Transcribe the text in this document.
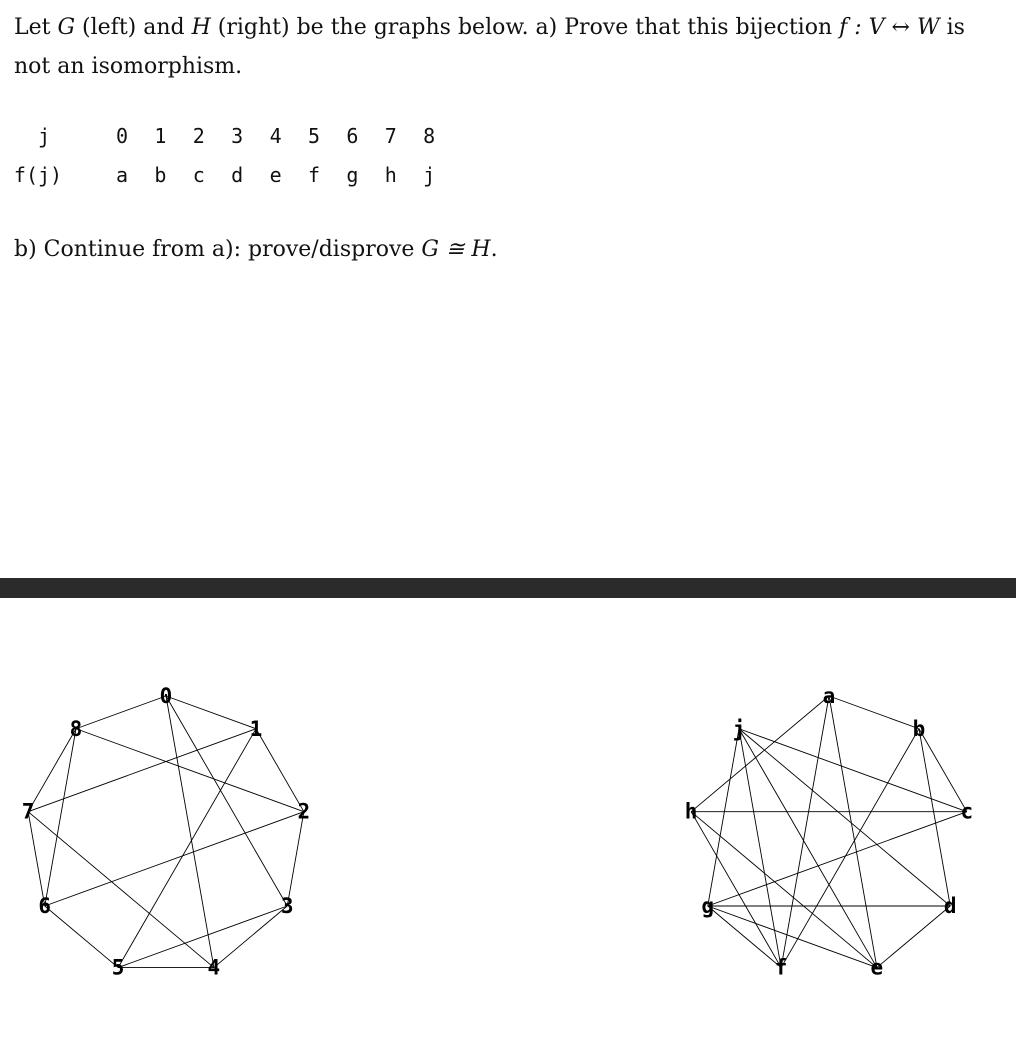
Let G (left) and H (right) be the graphs below. a) Prove that this bijection f : V ↔ W is

not an isomorphism.

j	0	1	2	3	4	5	6	7	8
f(j)	a	b	c	d	e	f	g	h	j
b) Continue from a): prove/disprove G ≅ H.
0
1
2
3
4
5
6
7
8
a
b
c
d
e
f
g
h
j
